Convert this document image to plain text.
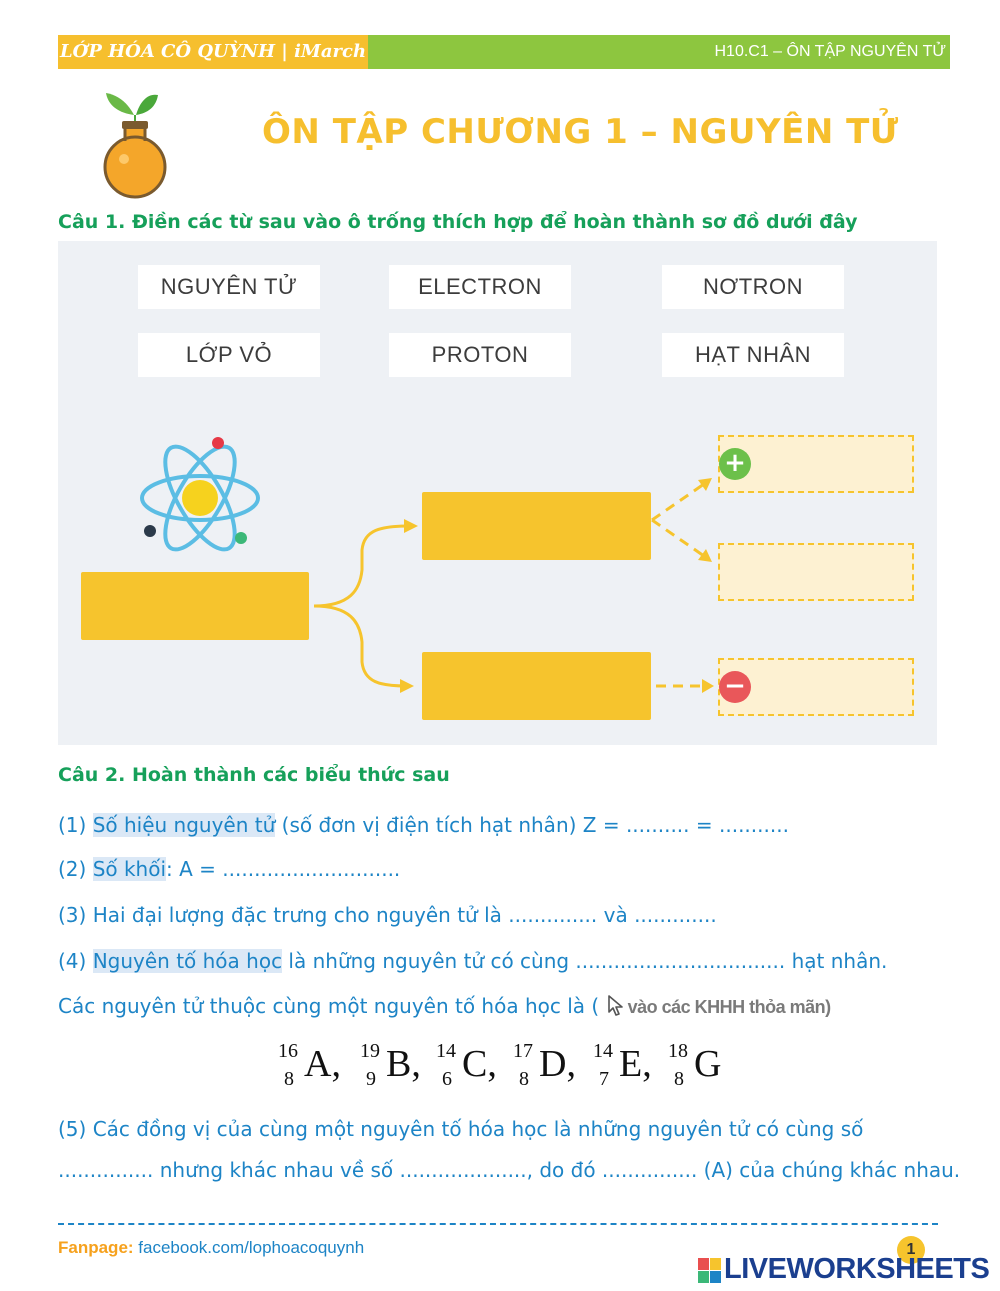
LỚP HÓA CÔ QUỲNH | iMarch	H10.C1 – ÔN TẬP NGUYÊN TỬ
ÔN TẬP CHƯƠNG 1 – NGUYÊN TỬ
Câu 1. Điền các từ sau vào ô trống thích hợp để hoàn thành sơ đồ dưới đây
NGUYÊN TỬ	ELECTRON	NƠTRON
LỚP VỎ	PROTON	HẠT NHÂN
+
−
Câu 2. Hoàn thành các biểu thức sau
(1) Số hiệu nguyên tử (số đơn vị điện tích hạt nhân) Z = .......... = ...........
(2) Số khối: A = ............................
(3) Hai đại lượng đặc trưng cho nguyên tử là .............. và .............
(4) Nguyên tố hóa học là những nguyên tử có cùng ................................. hạt nhân.
Các nguyên tử thuộc cùng một nguyên tố hóa học là ( vào các KHHH thỏa mãn)
16
8 A, 19
9 B, 14
6 C, 17
8 D, 14
7 E, 18
8 G
(5) Các đồng vị của cùng một nguyên tố hóa học là những nguyên tử có cùng số
............... nhưng khác nhau về số ...................., do đó ............... (A) của chúng khác nhau.
Fanpage: facebook.com/lophoacoquynh	1
LIVEWORKSHEETS
